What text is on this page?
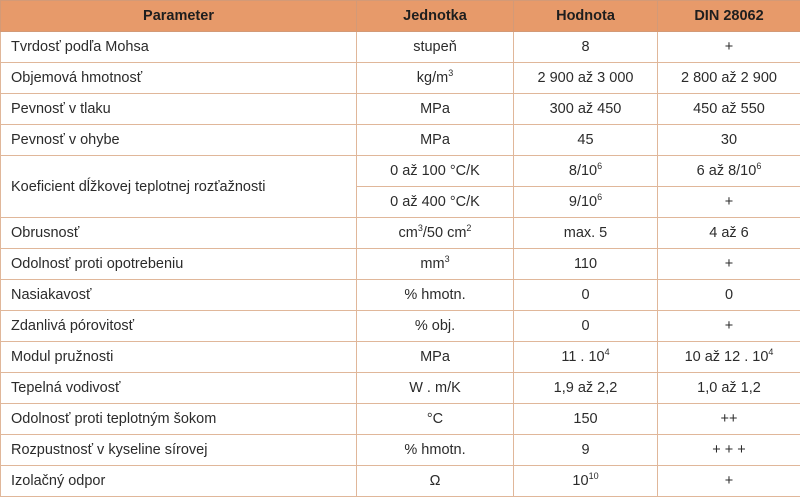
Parameter	Jednotka	Hodnota	DIN 28062
Tvrdosť podľa Mohsa	stupeň	8	+
Objemová hmotnosť	$kg/m^3$	2 900 až 3 000	2 800 až 2 900
Pevnosť v tlaku	MPa	300 až 450	450 až 550
Pevnosť v ohybe	MPa	45	30
Koeficient dĺžkovej teplotnej rozťažnosti	0 až 100 °C/K	$8/10^6$	6 až $8/10^6$
	0 až 400 °C/K	$9/10^6$	+
Obrusnosť	$cm^3/50$ $cm^2$	max. 5	4 až 6
Odolnosť proti opotrebeniu	$mm^3$	110	+
Nasiakavosť	% hmotn.	0	0
Zdanlivá pórovitosť	% obj.	0	+
Modul pružnosti	MPa	11 . $10^4$	10 až 12 . $10^4$
Tepelná vodivosť	W . m/K	1,9 až 2,2	1,0 až 1,2
Odolnosť proti teplotným šokom	°C	150	++
Rozpustnosť v kyseline sírovej	% hmotn.	9	+ + +
Izolačný odpor	Ω	$10^{10}$	+
